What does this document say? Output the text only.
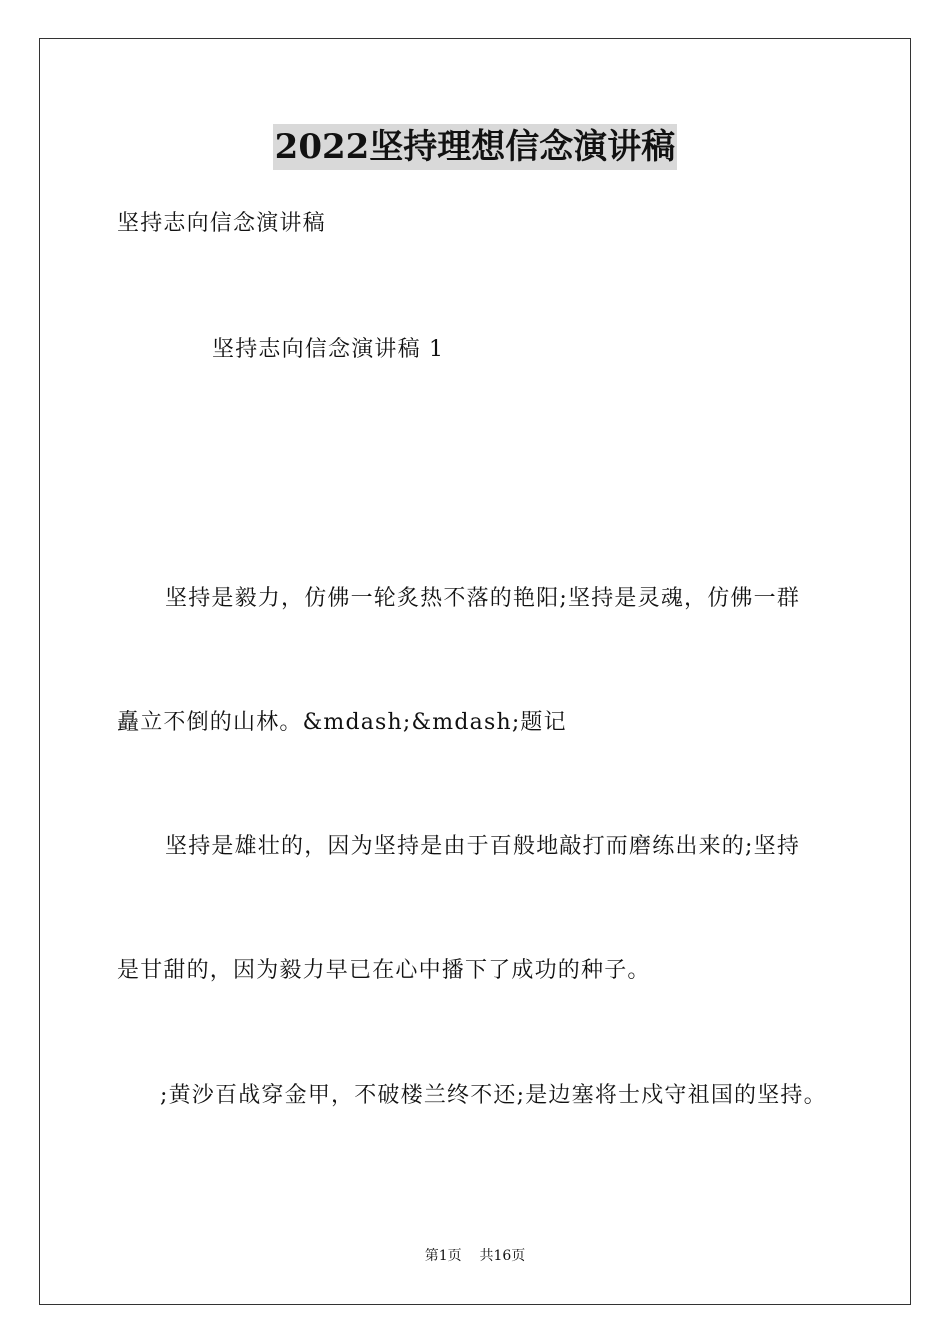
2022坚持理想信念演讲稿
坚持志向信念演讲稿
坚持志向信念演讲稿 1
坚持是毅力，仿佛一轮炙热不落的艳阳;坚持是灵魂，仿佛一群
矗立不倒的山林。&mdash;&mdash;题记
坚持是雄壮的，因为坚持是由于百般地敲打而磨练出来的;坚持
是甘甜的，因为毅力早已在心中播下了成功的种子。
;黄沙百战穿金甲，不破楼兰终不还;是边塞将士戍守祖国的坚持。
第1页    共16页
